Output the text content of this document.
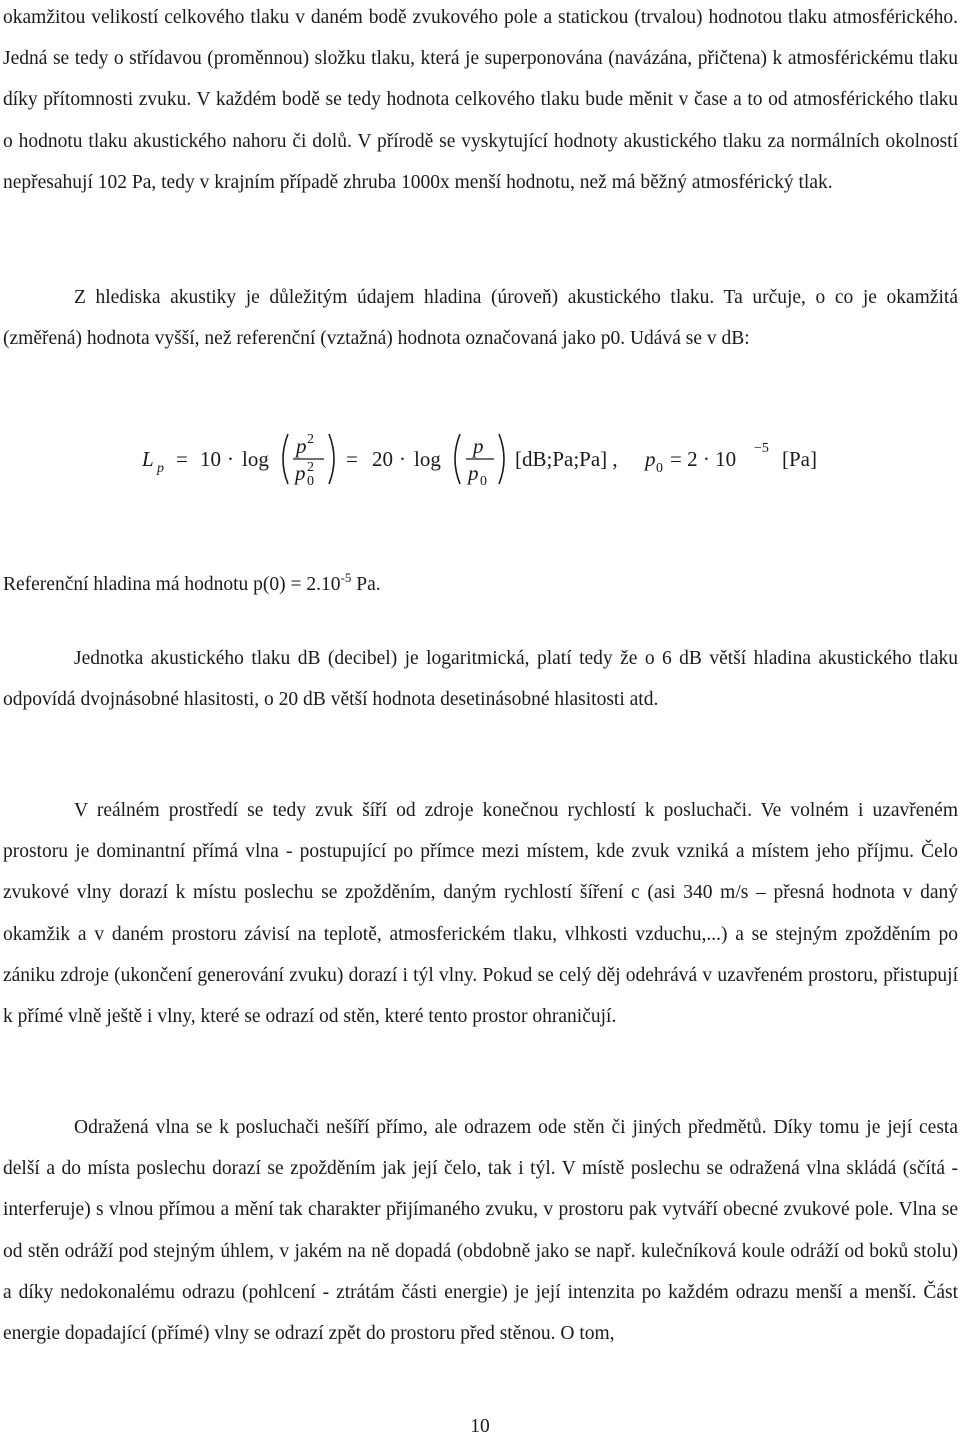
okamžitou velikostí celkového tlaku v daném bodě zvukového pole a statickou (trvalou) hodnotou tlaku atmosférického. Jedná se tedy o střídavou (proměnnou) složku tlaku, která je superponována (navázána, přičtena) k atmosférickému tlaku díky přítomnosti zvuku. V každém bodě se tedy hodnota celkového tlaku bude měnit v čase a to od atmosférického tlaku o hodnotu tlaku akustického nahoru či dolů. V přírodě se vyskytující hodnoty akustického tlaku za normálních okolností nepřesahují 102 Pa, tedy v krajním případě zhruba 1000x menší hodnotu, než má běžný atmosférický tlak.

Z hlediska akustiky je důležitým údajem hladina (úroveň) akustického tlaku. Ta určuje, o co je okamžitá (změřená) hodnota vyšší, než referenční (vztažná) hodnota označovaná jako p0. Udává se v dB:

L p = 10 · log
p 2
p 2
0
= 20 · log
p
p 0
[dB;Pa;Pa] , p 0 = 2 · 10 −5 [Pa]

Referenční hladina má hodnotu $p(0) = 2.10^{-5}$ Pa.

Jednotka akustického tlaku dB (decibel) je logaritmická, platí tedy že o 6 dB větší hladina akustického tlaku odpovídá dvojnásobné hlasitosti, o 20 dB větší hodnota desetinásobné hlasitosti atd.

V reálném prostředí se tedy zvuk šíří od zdroje konečnou rychlostí k posluchači. Ve volném i uzavřeném prostoru je dominantní přímá vlna - postupující po přímce mezi místem, kde zvuk vzniká a místem jeho příjmu. Čelo zvukové vlny dorazí k místu poslechu se zpožděním, daným rychlostí šíření c (asi 340 m/s – přesná hodnota v daný okamžik a v daném prostoru závisí na teplotě, atmosferickém tlaku, vlhkosti vzduchu,...) a se stejným zpožděním po zániku zdroje (ukončení generování zvuku) dorazí i týl vlny. Pokud se celý děj odehrává v uzavřeném prostoru, přistupují k přímé vlně ještě i vlny, které se odrazí od stěn, které tento prostor ohraničují.

Odražená vlna se k posluchači nešíří přímo, ale odrazem ode stěn či jiných předmětů. Díky tomu je její cesta delší a do místa poslechu dorazí se zpožděním jak její čelo, tak i týl. V místě poslechu se odražená vlna skládá (sčítá - interferuje) s vlnou přímou a mění tak charakter přijímaného zvuku, v prostoru pak vytváří obecné zvukové pole. Vlna se od stěn odráží pod stejným úhlem, v jakém na ně dopadá (obdobně jako se např. kulečníková koule odráží od boků stolu) a díky nedokonalému odrazu (pohlcení - ztrátám části energie) je její intenzita po každém odrazu menší a menší. Část energie dopadající (přímé) vlny se odrazí zpět do prostoru před stěnou. O tom,

10
